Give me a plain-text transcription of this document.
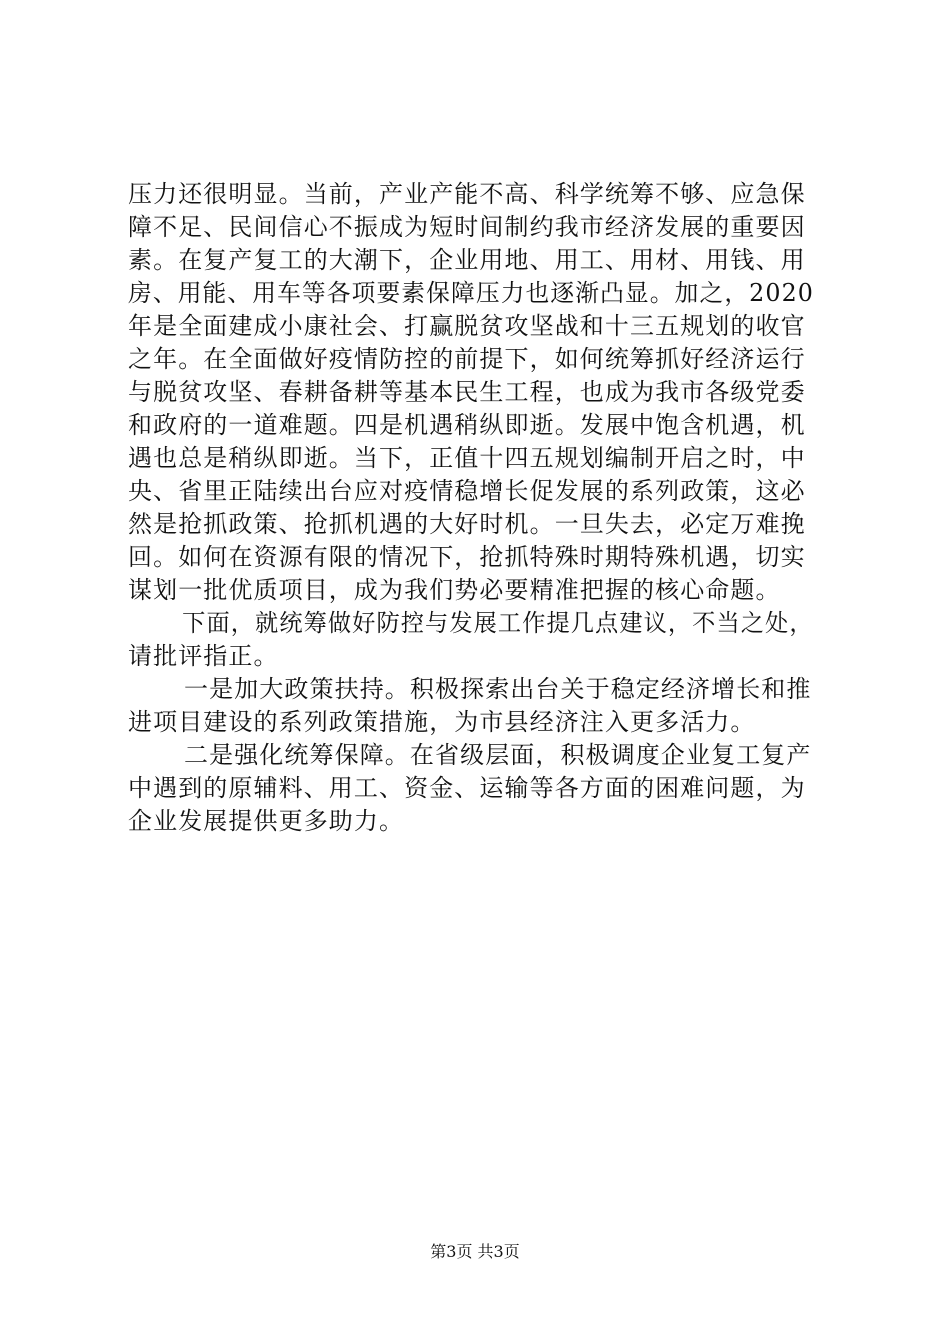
压力还很明显。当前，产业产能不高、科学统筹不够、应急保
障不足、民间信心不振成为短时间制约我市经济发展的重要因
素。在复产复工的大潮下，企业用地、用工、用材、用钱、用
房、用能、用车等各项要素保障压力也逐渐凸显。加之，2020
年是全面建成小康社会、打赢脱贫攻坚战和十三五规划的收官
之年。在全面做好疫情防控的前提下，如何统筹抓好经济运行
与脱贫攻坚、春耕备耕等基本民生工程，也成为我市各级党委
和政府的一道难题。四是机遇稍纵即逝。发展中饱含机遇，机
遇也总是稍纵即逝。当下，正值十四五规划编制开启之时，中
央、省里正陆续出台应对疫情稳增长促发展的系列政策，这必
然是抢抓政策、抢抓机遇的大好时机。一旦失去，必定万难挽
回。如何在资源有限的情况下，抢抓特殊时期特殊机遇，切实
谋划一批优质项目，成为我们势必要精准把握的核心命题。
下面，就统筹做好防控与发展工作提几点建议，不当之处，
请批评指正。
一是加大政策扶持。积极探索出台关于稳定经济增长和推
进项目建设的系列政策措施，为市县经济注入更多活力。
二是强化统筹保障。在省级层面，积极调度企业复工复产
中遇到的原辅料、用工、资金、运输等各方面的困难问题，为
企业发展提供更多助力。
第3页 共3页
